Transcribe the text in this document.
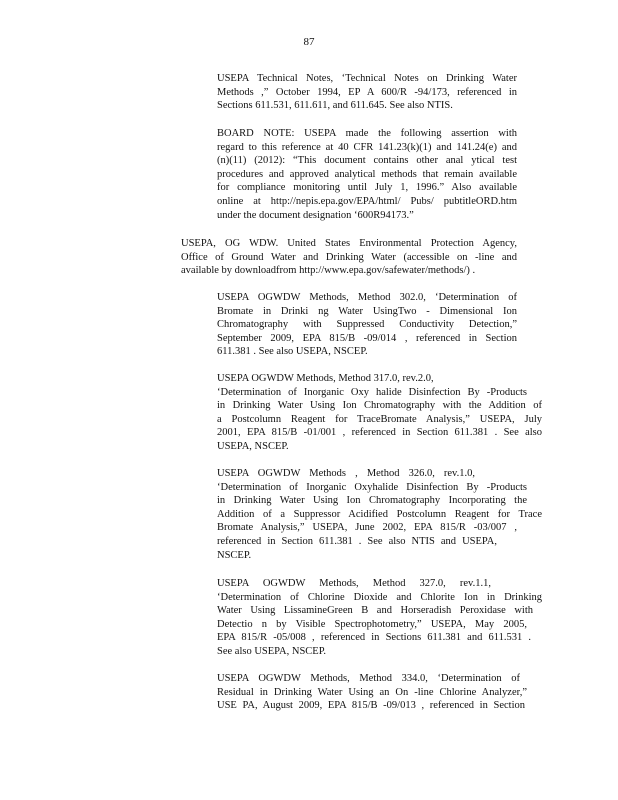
87
USEPA Technical Notes, ‘Technical Notes on Drinking Water
Methods ,” October 1994, EP A 600/R -94/173, referenced in
Sections 611.531, 611.611, and 611.645. See also NTIS.
BOARD NOTE: USEPA made the following assertion with
regard to this reference at 40 CFR 141.23(k)(1) and 141.24(e) and
(n)(11) (2012): “This document contains other anal ytical test
procedures and approved analytical methods that remain available
for compliance monitoring until July 1, 1996.” Also available
online at http://nepis.epa.gov/EPA/html/ Pubs/ pubtitleORD.htm
under the document designation ‘600R94173.”
USEPA, OG WDW. United States Environmental Protection Agency,
Office of Ground Water and Drinking Water (accessible on -line and
available by downloadfrom http://www.epa.gov/safewater/methods/) .
USEPA OGWDW Methods, Method 302.0, ‘Determination of
Bromate in Drinki ng Water UsingTwo - Dimensional Ion
Chromatography with Suppressed Conductivity Detection,”
September 2009, EPA 815/B -09/014 , referenced in Section
611.381 . See also USEPA, NSCEP.
USEPA OGWDW Methods, Method 317.0, rev.2.0,
‘Determination of Inorganic Oxy halide Disinfection By -Products
in Drinking Water Using Ion Chromatography with the Addition of
a Postcolumn Reagent for TraceBromate Analysis,” USEPA, July
2001, EPA 815/B -01/001 , referenced in Section 611.381 . See also
USEPA, NSCEP.
USEPA OGWDW Methods , Method 326.0, rev.1.0,
‘Determination of Inorganic Oxyhalide Disinfection By -Products
in Drinking Water Using Ion Chromatography Incorporating the
Addition of a Suppressor Acidified Postcolumn Reagent for Trace
Bromate Analysis,” USEPA, June 2002, EPA 815/R -03/007 ,
referenced in Section 611.381 . See also NTIS and USEPA,
NSCEP.
USEPA OGWDW Methods, Method 327.0, rev.1.1,
‘Determination of Chlorine Dioxide and Chlorite Ion in Drinking
Water Using LissamineGreen B and Horseradish Peroxidase with
Detectio n by Visible Spectrophotometry,” USEPA, May 2005,
EPA 815/R -05/008 , referenced in Sections 611.381 and 611.531 .
See also USEPA, NSCEP.
USEPA OGWDW Methods, Method 334.0, ‘Determination of
Residual in Drinking Water Using an On -line Chlorine Analyzer,”
USE PA, August 2009, EPA 815/B -09/013 , referenced in Section
